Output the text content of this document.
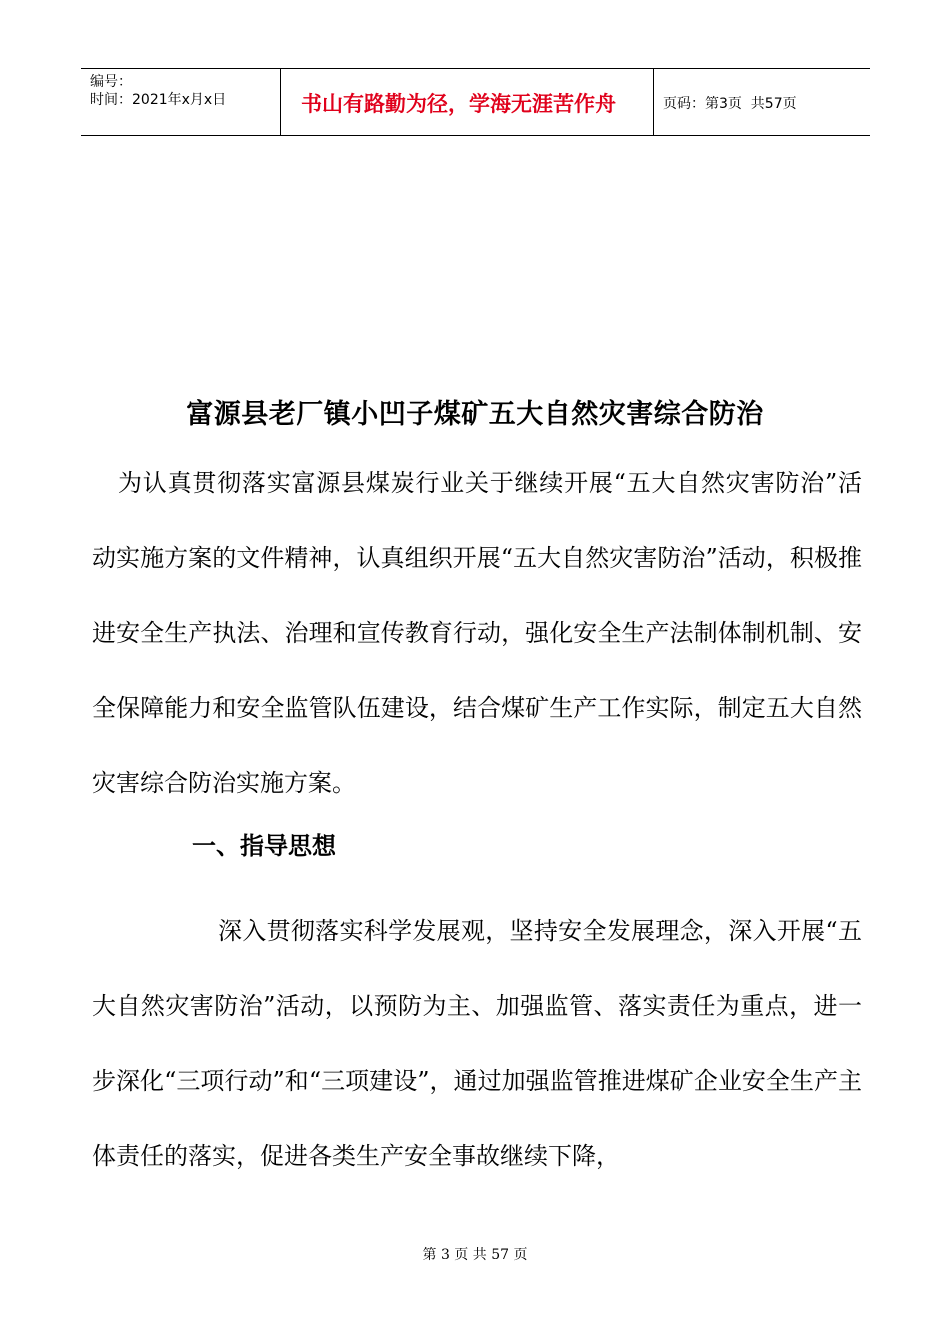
编号：
时间：2021年x月x日	书山有路勤为径，学海无涯苦作舟	页码：第3页  共57页
富源县老厂镇小凹子煤矿五大自然灾害综合防治
为认真贯彻落实富源县煤炭行业关于继续开展“五大自然灾害防治”活动实施方案的文件精神，认真组织开展“五大自然灾害防治”活动，积极推进安全生产执法、治理和宣传教育行动，强化安全生产法制体制机制、安全保障能力和安全监管队伍建设，结合煤矿生产工作实际，制定五大自然灾害综合防治实施方案。
一、指导思想
深入贯彻落实科学发展观，坚持安全发展理念，深入开展“五大自然灾害防治”活动，以预防为主、加强监管、落实责任为重点，进一步深化“三项行动”和“三项建设”，通过加强监管推进煤矿企业安全生产主体责任的落实，促进各类生产安全事故继续下降，
第 3 页 共 57 页
